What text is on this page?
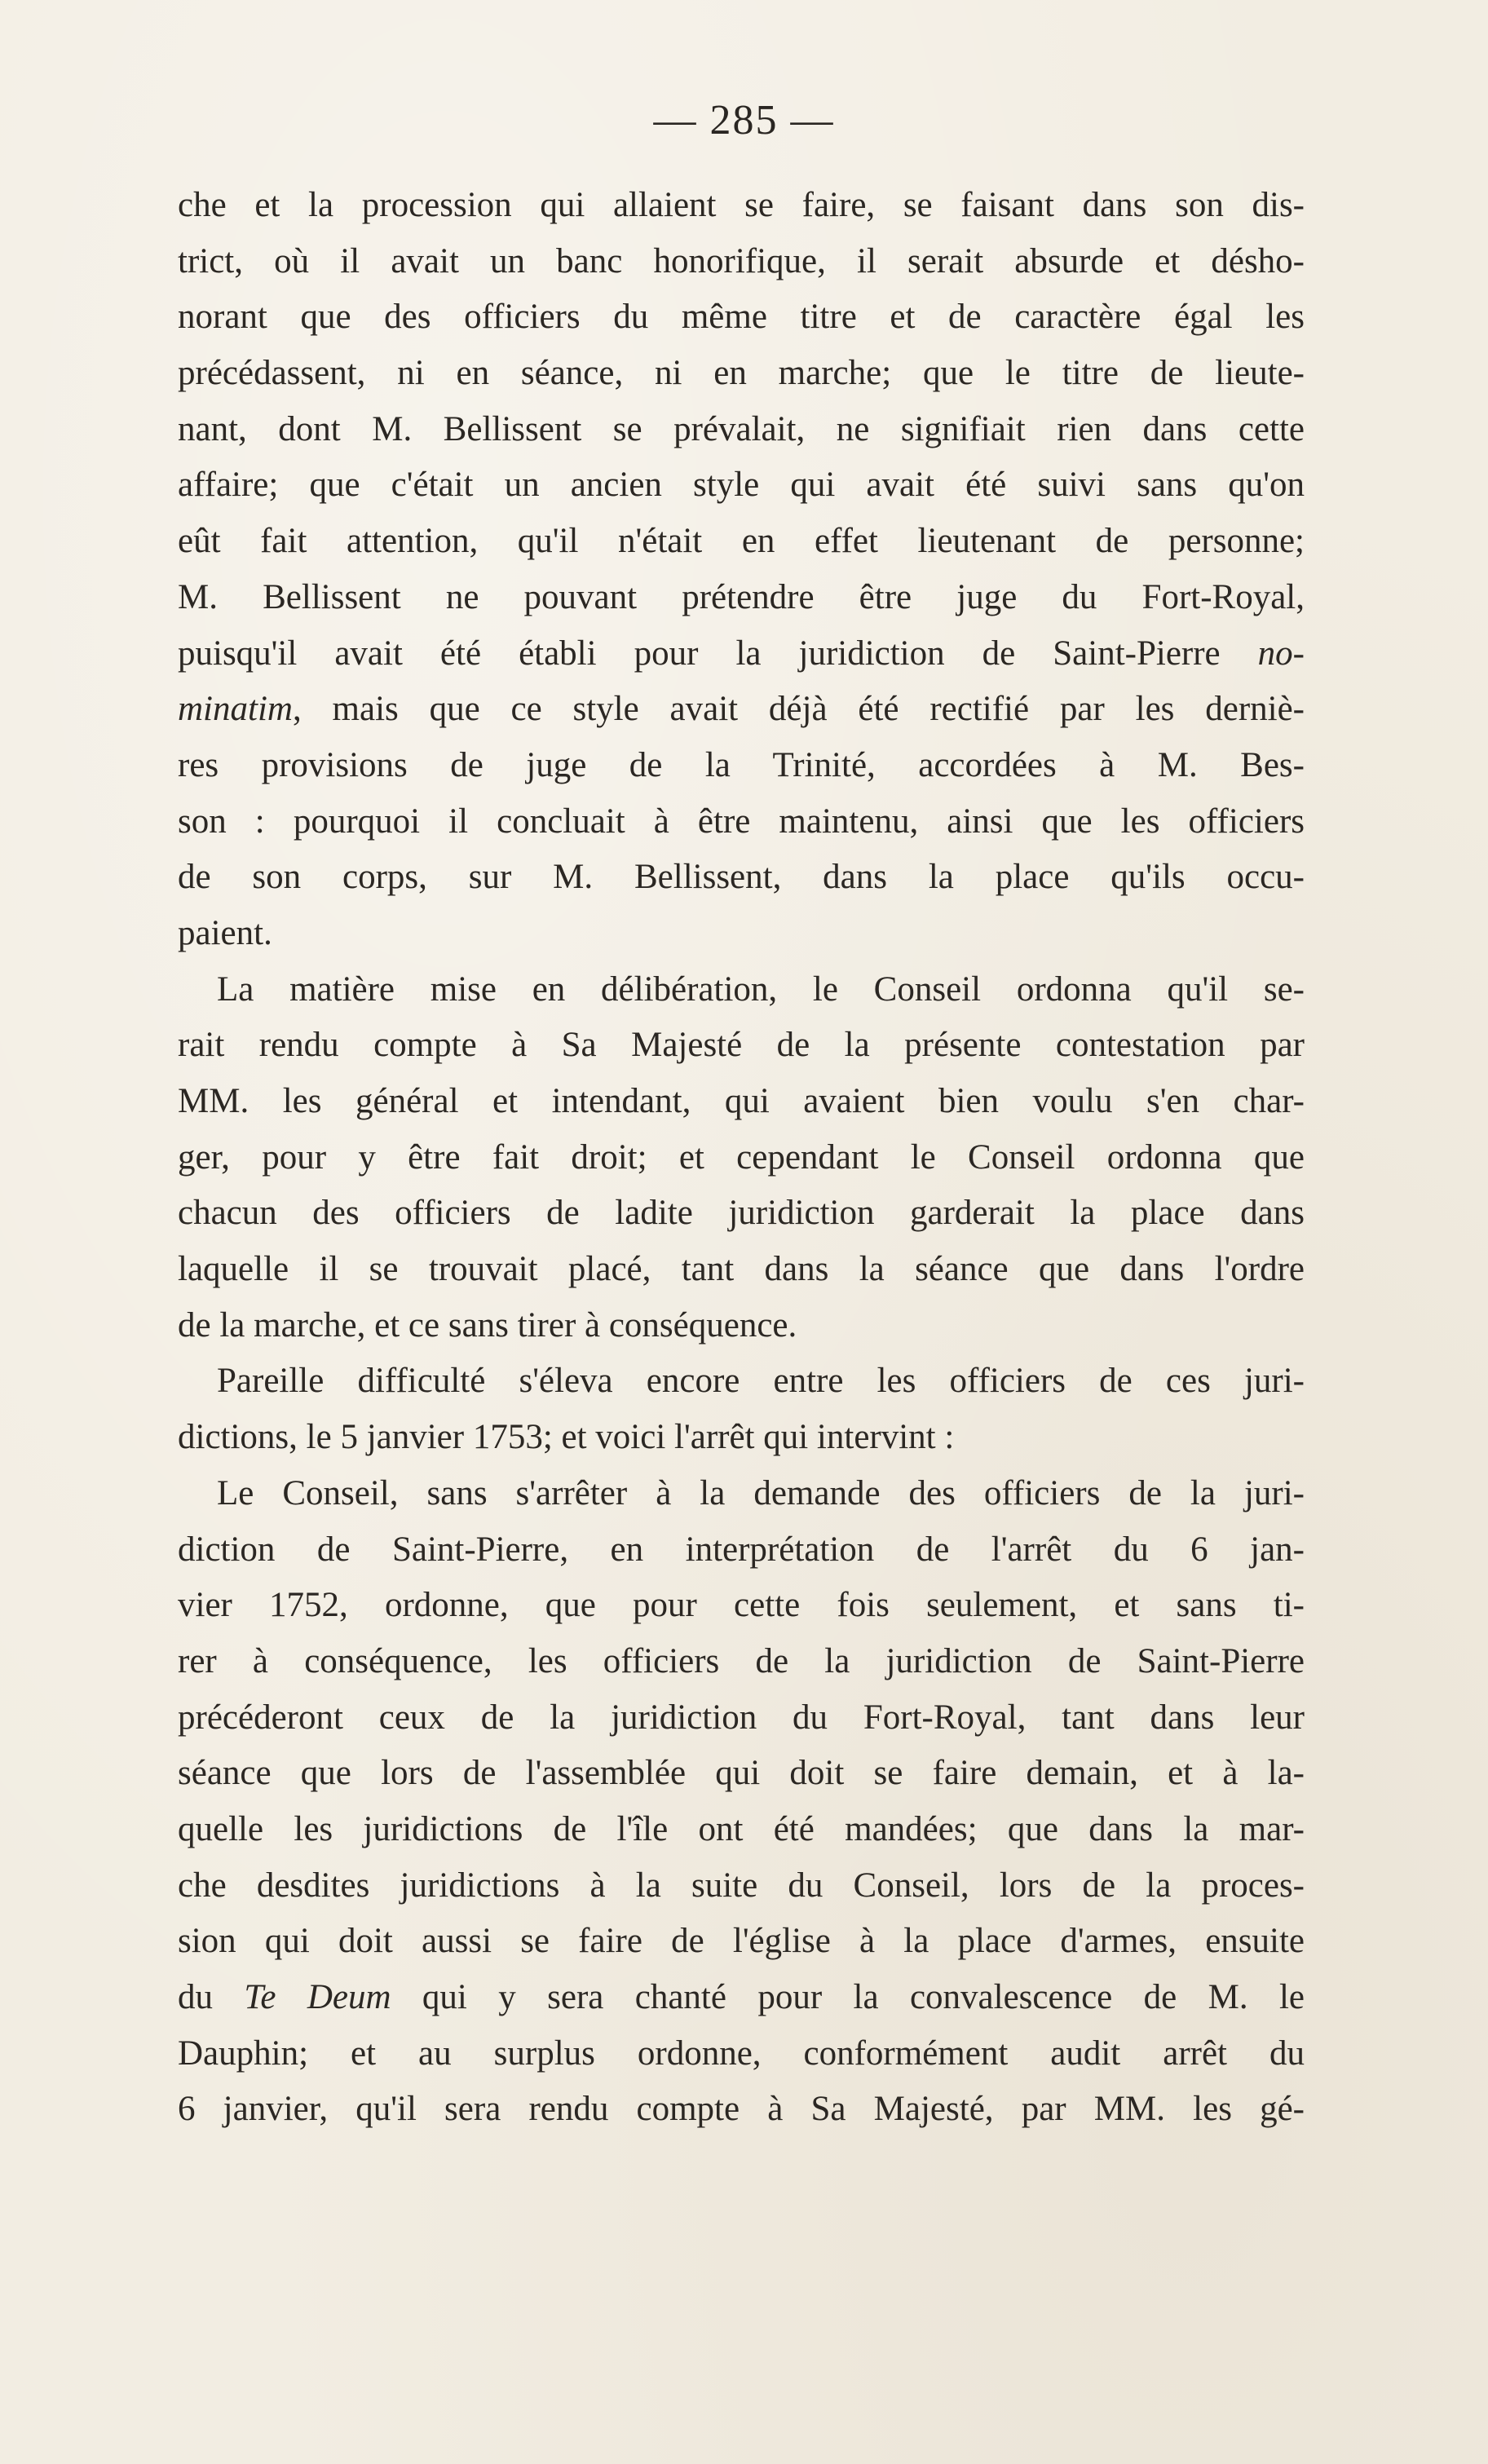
— 285 —
che et la procession qui allaient se faire, se faisant dans son dis-
trict, où il avait un banc honorifique, il serait absurde et désho-
norant que des officiers du même titre et de caractère égal les
précédassent, ni en séance, ni en marche; que le titre de lieute-
nant, dont M. Bellissent se prévalait, ne signifiait rien dans cette
affaire; que c'était un ancien style qui avait été suivi sans qu'on
eût fait attention, qu'il n'était en effet lieutenant de personne;
M. Bellissent ne pouvant prétendre être juge du Fort-Royal,
puisqu'il avait été établi pour la juridiction de Saint-Pierre no-
minatim, mais que ce style avait déjà été rectifié par les derniè-
res provisions de juge de la Trinité, accordées à M. Bes-
son : pourquoi il concluait à être maintenu, ainsi que les officiers
de son corps, sur M. Bellissent, dans la place qu'ils occu-
paient.
La matière mise en délibération, le Conseil ordonna qu'il se-
rait rendu compte à Sa Majesté de la présente contestation par
MM. les général et intendant, qui avaient bien voulu s'en char-
ger, pour y être fait droit; et cependant le Conseil ordonna que
chacun des officiers de ladite juridiction garderait la place dans
laquelle il se trouvait placé, tant dans la séance que dans l'ordre
de la marche, et ce sans tirer à conséquence.
Pareille difficulté s'éleva encore entre les officiers de ces juri-
dictions, le 5 janvier 1753; et voici l'arrêt qui intervint :
Le Conseil, sans s'arrêter à la demande des officiers de la juri-
diction de Saint-Pierre, en interprétation de l'arrêt du 6 jan-
vier 1752, ordonne, que pour cette fois seulement, et sans ti-
rer à conséquence, les officiers de la juridiction de Saint-Pierre
précéderont ceux de la juridiction du Fort-Royal, tant dans leur
séance que lors de l'assemblée qui doit se faire demain, et à la-
quelle les juridictions de l'île ont été mandées; que dans la mar-
che desdites juridictions à la suite du Conseil, lors de la proces-
sion qui doit aussi se faire de l'église à la place d'armes, ensuite
du Te Deum qui y sera chanté pour la convalescence de M. le
Dauphin; et au surplus ordonne, conformément audit arrêt du
6 janvier, qu'il sera rendu compte à Sa Majesté, par MM. les gé-
